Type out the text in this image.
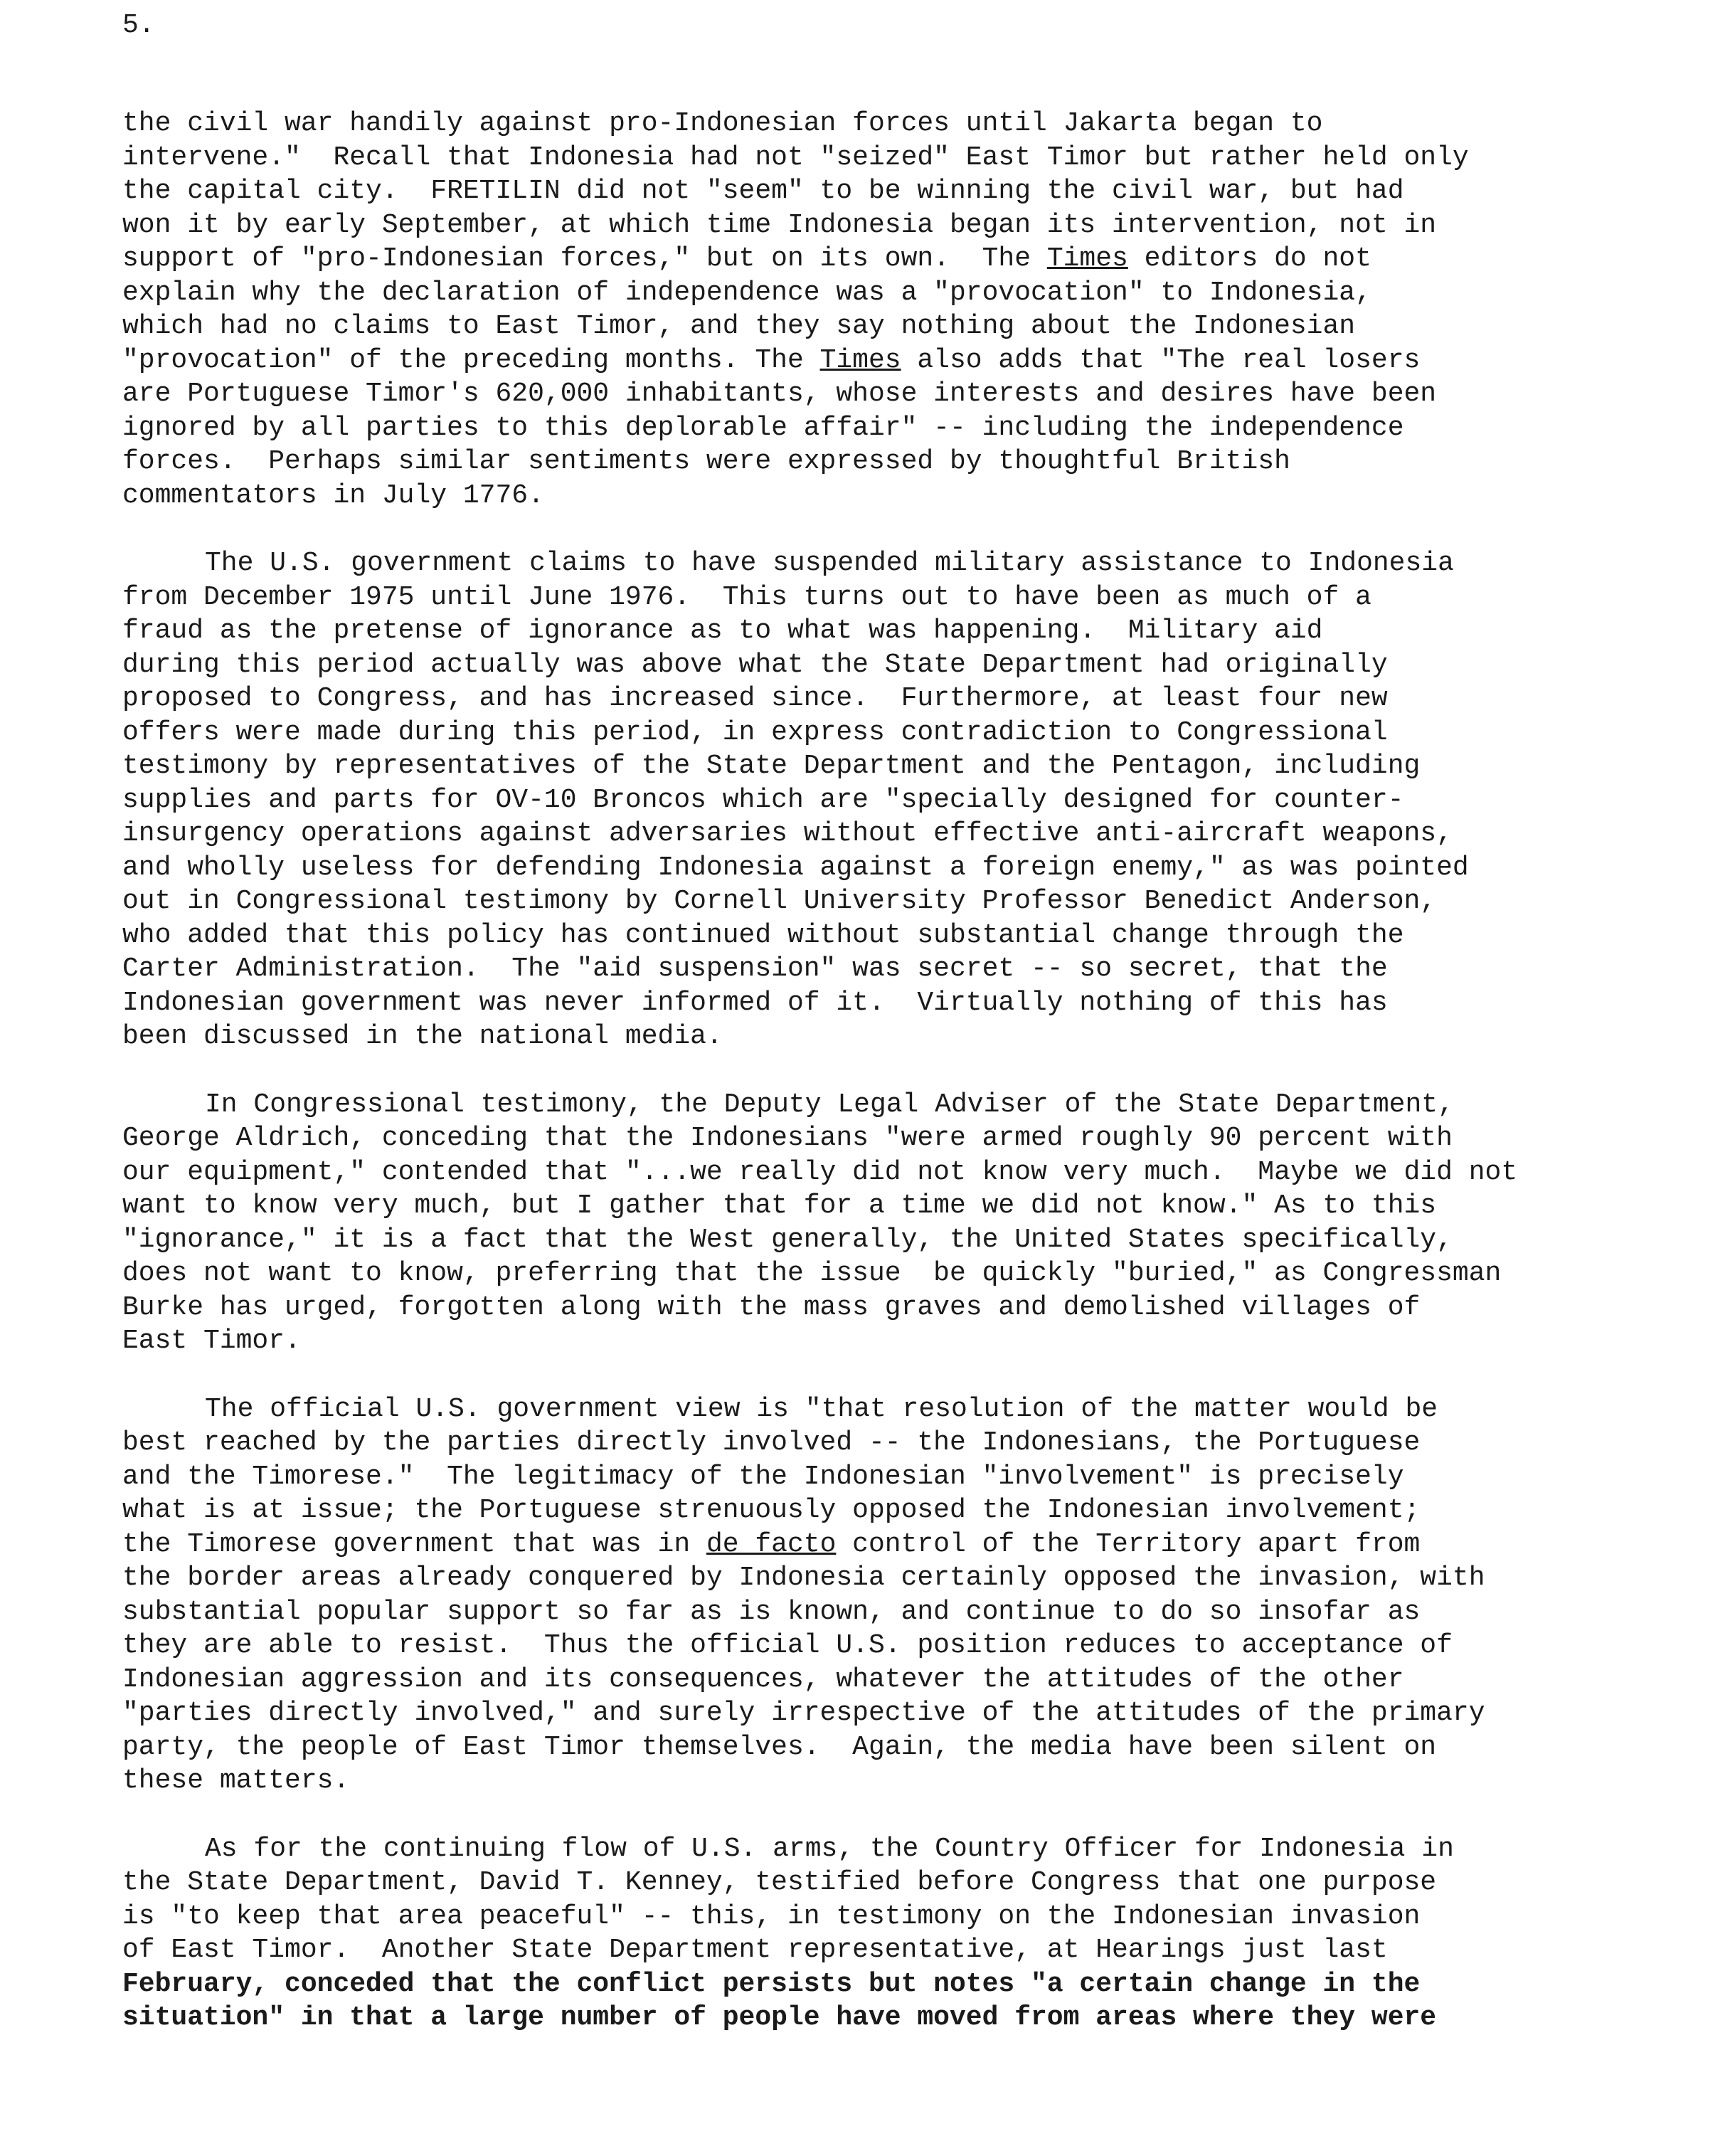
5.
the civil war handily against pro-Indonesian forces until Jakarta began to
intervene."  Recall that Indonesia had not "seized" East Timor but rather held only
the capital city.  FRETILIN did not "seem" to be winning the civil war, but had
won it by early September, at which time Indonesia began its intervention, not in
support of "pro-Indonesian forces," but on its own.  The Times editors do not
explain why the declaration of independence was a "provocation" to Indonesia,
which had no claims to East Timor, and they say nothing about the Indonesian
"provocation" of the preceding months. The Times also adds that "The real losers
are Portuguese Timor's 620,000 inhabitants, whose interests and desires have been
ignored by all parties to this deplorable affair" -- including the independence
forces.  Perhaps similar sentiments were expressed by thoughtful British
commentators in July 1776.
The U.S. government claims to have suspended military assistance to Indonesia
from December 1975 until June 1976.  This turns out to have been as much of a
fraud as the pretense of ignorance as to what was happening.  Military aid
during this period actually was above what the State Department had originally
proposed to Congress, and has increased since.  Furthermore, at least four new
offers were made during this period, in express contradiction to Congressional
testimony by representatives of the State Department and the Pentagon, including
supplies and parts for OV-10 Broncos which are "specially designed for counter-
insurgency operations against adversaries without effective anti-aircraft weapons,
and wholly useless for defending Indonesia against a foreign enemy," as was pointed
out in Congressional testimony by Cornell University Professor Benedict Anderson,
who added that this policy has continued without substantial change through the
Carter Administration.  The "aid suspension" was secret -- so secret, that the
Indonesian government was never informed of it.  Virtually nothing of this has
been discussed in the national media.
In Congressional testimony, the Deputy Legal Adviser of the State Department,
George Aldrich, conceding that the Indonesians "were armed roughly 90 percent with
our equipment," contended that "...we really did not know very much.  Maybe we did not
want to know very much, but I gather that for a time we did not know." As to this
"ignorance," it is a fact that the West generally, the United States specifically,
does not want to know, preferring that the issue  be quickly "buried," as Congressman
Burke has urged, forgotten along with the mass graves and demolished villages of
East Timor.
The official U.S. government view is "that resolution of the matter would be
best reached by the parties directly involved -- the Indonesians, the Portuguese
and the Timorese."  The legitimacy of the Indonesian "involvement" is precisely
what is at issue; the Portuguese strenuously opposed the Indonesian involvement;
the Timorese government that was in de facto control of the Territory apart from
the border areas already conquered by Indonesia certainly opposed the invasion, with
substantial popular support so far as is known, and continue to do so insofar as
they are able to resist.  Thus the official U.S. position reduces to acceptance of
Indonesian aggression and its consequences, whatever the attitudes of the other
"parties directly involved," and surely irrespective of the attitudes of the primary
party, the people of East Timor themselves.  Again, the media have been silent on
these matters.
As for the continuing flow of U.S. arms, the Country Officer for Indonesia in
the State Department, David T. Kenney, testified before Congress that one purpose
is "to keep that area peaceful" -- this, in testimony on the Indonesian invasion
of East Timor.  Another State Department representative, at Hearings just last
February, conceded that the conflict persists but notes "a certain change in the
situation" in that a large number of people have moved from areas where they were
